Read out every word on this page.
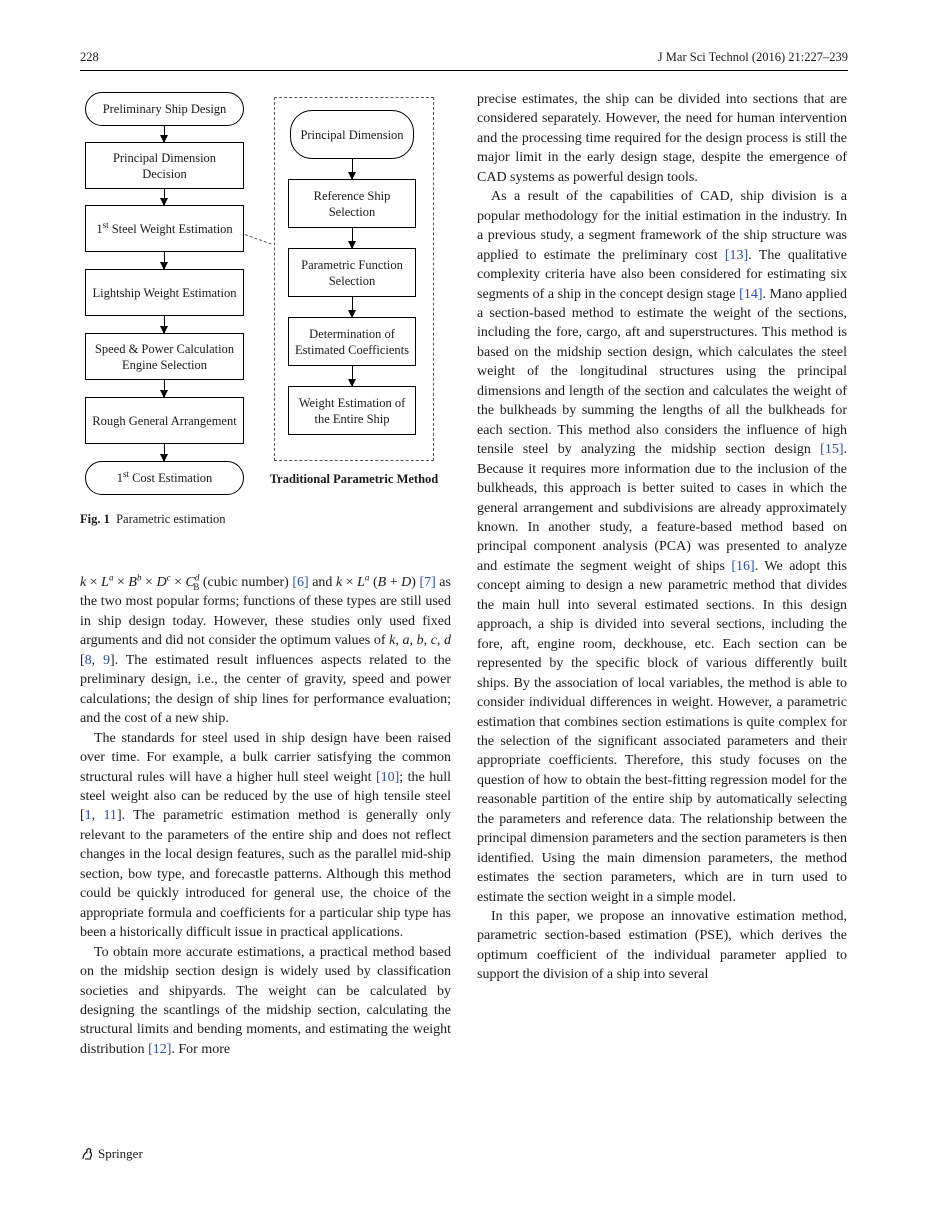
228	J Mar Sci Technol (2016) 21:227–239
Preliminary Ship Design
Principal Dimension Decision
1st Steel Weight Estimation
Lightship Weight Estimation
Speed & Power Calculation Engine Selection
Rough General Arrangement
1st Cost Estimation
Principal Dimension
Reference Ship Selection
Parametric Function Selection
Determination of Estimated Coefficients
Weight Estimation of the Entire Ship
Traditional Parametric Method
Fig. 1 Parametric estimation

$k \times L^a \times B^b \times D^c \times C^d_B$ (cubic number) [6] and $k \times L^a$ (B + D) [7] as the two most popular forms; functions of these types are still used in ship design today. However, these studies only used fixed arguments and did not consider the optimum values of k, a, b, c, d [8, 9]. The estimated result influences aspects related to the preliminary design, i.e., the center of gravity, speed and power calculations; the design of ship lines for performance evaluation; and the cost of a new ship.

The standards for steel used in ship design have been raised over time. For example, a bulk carrier satisfying the common structural rules will have a higher hull steel weight [10]; the hull steel weight also can be reduced by the use of high tensile steel [1, 11]. The parametric estimation method is generally only relevant to the parameters of the entire ship and does not reflect changes in the local design features, such as the parallel mid-ship section, bow type, and forecastle patterns. Although this method could be quickly introduced for general use, the choice of the appropriate formula and coefficients for a particular ship type has been a historically difficult issue in practical applications.

To obtain more accurate estimations, a practical method based on the midship section design is widely used by classification societies and shipyards. The weight can be calculated by designing the scantlings of the midship section, calculating the structural limits and bending moments, and estimating the weight distribution [12]. For more

precise estimates, the ship can be divided into sections that are considered separately. However, the need for human intervention and the processing time required for the design process is still the major limit in the early design stage, despite the emergence of CAD systems as powerful design tools.

As a result of the capabilities of CAD, ship division is a popular methodology for the initial estimation in the industry. In a previous study, a segment framework of the ship structure was applied to estimate the preliminary cost [13]. The qualitative complexity criteria have also been considered for estimating six segments of a ship in the concept design stage [14]. Mano applied a section-based method to estimate the weight of the sections, including the fore, cargo, aft and superstructures. This method is based on the midship section design, which calculates the steel weight of the longitudinal structures using the principal dimensions and length of the section and calculates the weight of the bulkheads by summing the lengths of all the bulkheads for each section. This method also considers the influence of high tensile steel by analyzing the midship section design [15]. Because it requires more information due to the inclusion of the bulkheads, this approach is better suited to cases in which the general arrangement and subdivisions are already approximately known. In another study, a feature-based method based on principal component analysis (PCA) was presented to analyze and estimate the segment weight of ships [16]. We adopt this concept aiming to design a new parametric method that divides the main hull into several estimated sections. In this design approach, a ship is divided into several sections, including the fore, aft, engine room, deckhouse, etc. Each section can be represented by the specific block of various differently built ships. By the association of local variables, the method is able to consider individual differences in weight. However, a parametric estimation that combines section estimations is quite complex for the selection of the significant associated parameters and their appropriate coefficients. Therefore, this study focuses on the question of how to obtain the best-fitting regression model for the reasonable partition of the entire ship by automatically selecting the parameters and reference data. The relationship between the principal dimension parameters and the section parameters is then identified. Using the main dimension parameters, the method estimates the section parameters, which are in turn used to estimate the section weight in a simple model.

In this paper, we propose an innovative estimation method, parametric section-based estimation (PSE), which derives the optimum coefficient of the individual parameter applied to support the division of a ship into several

Springer
